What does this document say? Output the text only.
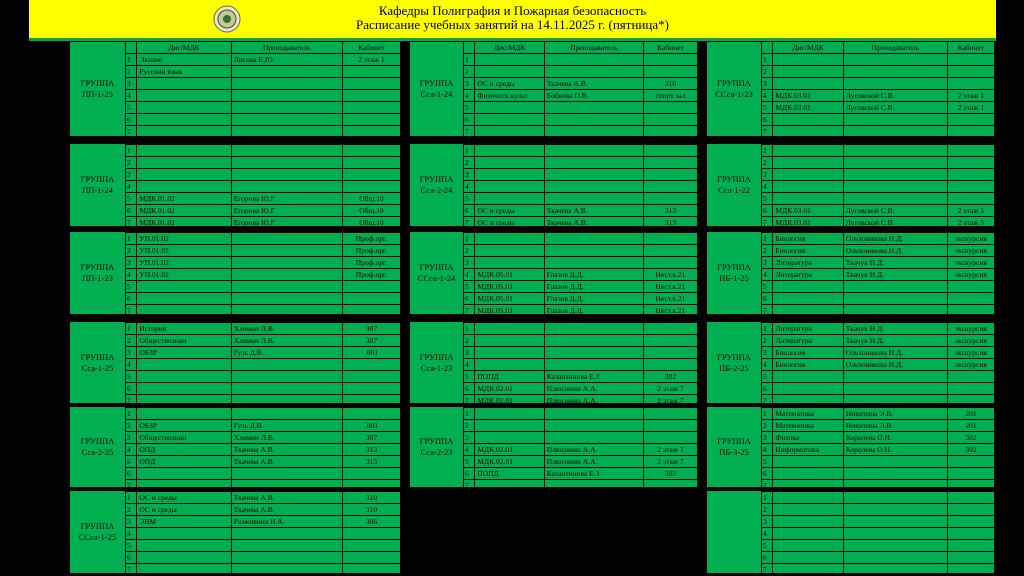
Кафедры Полиграфия и Пожарная безопасность
Расписание учебных занятий на 14.11.2025 г. (пятница*)
ГРУППА
ПП-1-25
	Дис/МДК	Преподаватель	Кабинет
1	Экзаме	Лисова Е.Ю.	2 этаж 1
2	Русский язык		
3			
4			
5			
6			
7			
ГРУППА
ПП-1-24
1			
2			
3			
4			
5	МДК.01.02	Егорова Ю.Г	Общ.10
6	МДК.01.02	Егорова Ю.Г	Общ.10
7	МДК.01.02	Егорова Ю.Г	Общ.10
ГРУППА
ПП-1-23
1	УП.01.02		Проф.орг.
2	УП.01.02		Проф.орг.
3	УП.01.02		Проф.орг.
4	УП.01.02		Проф.орг.
5			
6			
7			
ГРУППА
Сса-1-25
1	История	Хлямин Л.В.	307
2	Обществознан	Хлямин Л.В.	307
3	ОБЗР	Гузь Д.В.	.001
4			
5			
6			
7			
ГРУППА
Сса-2-25
1			
2	ОБЗР	Гузь Д.В.	.001
3	Обществознан	Хлямин Л.В.	307
4	ОПД	Ткачева А.В.	313
5	ОПД	Ткачева А.В.	313
6			
7			
ГРУППА
ССса-1-25
1	ОС и среды	Ткачева А.В.	310
2	ОС и среды	Ткачева А.В.	310
3	ЭВМ	Разживина Н.А.	306
4			
5			
6			
7			
ГРУППА
Сса-1-24
	Дис/МДК	Преподаватель	Кабинет
1			
2			
3	ОС и среды	Ткачева А.В.	310
4	Физическ.культ	Бобкова О.В.	спорт зал
5			
6			
7			
ГРУППА
Сса-2-24
1			
2			
3			
4			
5			
6	ОС и среды	Ткачева А.В.	313
7	ОС и среды	Ткачева А.В.	313
ГРУППА
ССса-1-24
1			
2			
3			
4	МДК.05.01	Глазов Д.Д.	Нест.к.21
5	МДК.05.01	Глазов Д.Д.	Нест.к.21
6	МДК.05.01	Глазов Д.Д.	Нест.к.21
7	МДК.05.01	Глазов Д.Д.	Нест.к.21
ГРУППА
Сса-1-23
1			
2			
3			
4			
5	ПОПД	Казантинова Е.З	302
6	МДК.02.01	Плюснинн А.А.	2 этаж 7
7	МДК.02.01	Плюснинн А.А.	2 этаж 7
ГРУППА
Сса-2-23
1			
2			
3			
4	МДК.02.01	Плюснинн А.А.	2 этаж 7
5	МДК.02.01	Плюснинн А.А.	2 этаж 7
6	ПОПД	Казантинова Е.З	302
7			
ГРУППА
ССса-1-23
	Дис/МДК	Преподаватель	Кабинет
1			
2			
3			
4	МДК.03.01	Луговской С.В.	2 этаж 1
5	МДК.03.01	Луговской С.В.	2 этаж 1
6			
7			
ГРУППА
Сса-1-22
1			
2			
3			
4			
5			
6	МДК.03.01	Луговской С.В.	2 этаж 5
7	МДК.03.01	Луговской С.В.	2 этаж 5
ГРУППА
ПБ-1-25
1	Биология	Ольховикова Н.Д.	экскурсия
2	Биология	Ольховикова Н.Д.	экскурсия
3	Литература	Ткачук Н.Д.	экскурсия
4	Литература	Ткачук Н.Д.	экскурсия
5			
6			
7			
ГРУППА
ПБ-2-25
1	Литература	Ткачук Н.Д.	экскурсия
2	Литература	Ткачук Н.Д.	экскурсия
3	Биология	Ольховикова Н.Д.	экскурсия
4	Биология	Ольховикова Н.Д.	экскурсия
5			
6			
7			
ГРУППА
ПБ-3-25
1	Математика	Никитина Э.В.	201
2	Математика	Никитина Э.В.	201
3	Физика	Королева О.Н.	302
4	Информатика	Королева О.Н.	302
5			
6			
7			
1			
2			
3			
4			
5			
6			
7			
